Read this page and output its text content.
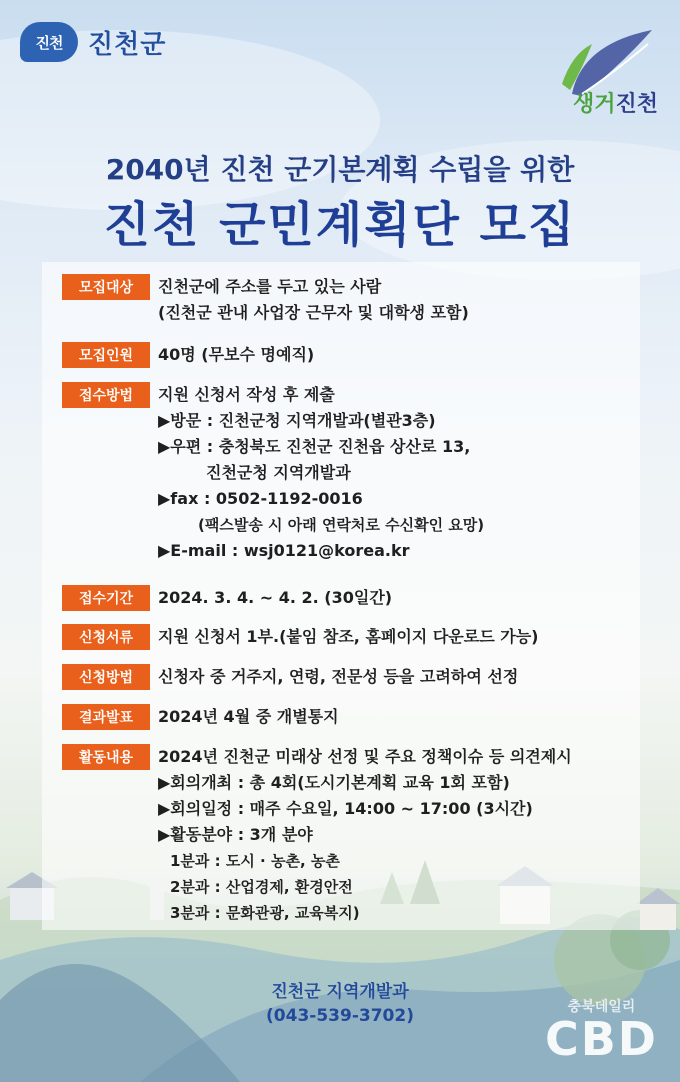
진천 진천군
생거진천
2040년 진천 군기본계획 수립을 위한
진천 군민계획단 모집
모집대상	진천군에 주소를 두고 있는 사람
(진천군 관내 사업장 근무자 및 대학생 포함)
모집인원	40명 (무보수 명예직)
접수방법	지원 신청서 작성 후 제출
▶방문 : 진천군청 지역개발과(별관3층)
▶우편 : 충청북도 진천군 진천읍 상산로 13,
진천군청 지역개발과
▶fax : 0502-1192-0016
(팩스발송 시 아래 연락처로 수신확인 요망)
▶E-mail : wsj0121@korea.kr
접수기간	2024. 3. 4. ~ 4. 2. (30일간)
신청서류	지원 신청서 1부.(붙임 참조, 홈페이지 다운로드 가능)
신청방법	신청자 중 거주지, 연령, 전문성 등을 고려하여 선정
결과발표	2024년 4월 중 개별통지
활동내용	2024년 진천군 미래상 선정 및 주요 정책이슈 등 의견제시
▶회의개최 : 총 4회(도시기본계획 교육 1회 포함)
▶회의일정 : 매주 수요일, 14:00 ~ 17:00 (3시간)
▶활동분야 : 3개 분야
1분과 : 도시 · 농촌, 농촌
2분과 : 산업경제, 환경안전
3분과 : 문화관광, 교육복지)
진천군 지역개발과
(043-539-3702)	충북데일리
CBD
